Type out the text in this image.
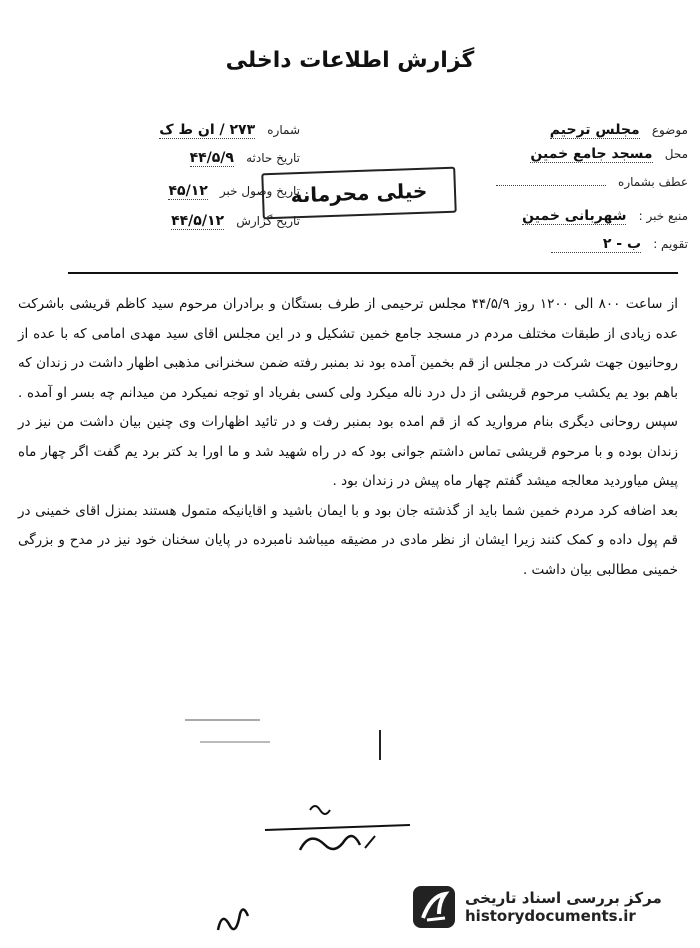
گزارش اطلاعات داخلی
موضوع مجلس ترحیم
محل مسجد جامع خمین
عطف بشماره
منبع خبر : شهربانی خمین
تقویم : ب - ۲
شماره ۲۷۳ / ان ط ک
تاریخ حادثه ۴۴/۵/۹
تاریخ وصول خبر ۴۵/۱۲
تاریخ گزارش ۴۴/۵/۱۲
خیلی محرمانه

از ساعت ۸۰۰ الی ۱۲۰۰ روز ۴۴/۵/۹ مجلس ترحیمی از طرف بستگان و برادران مرحوم سید کاظم قریشی باشرکت عده زیادی از طبقات مختلف مردم در مسجد جامع خمین تشکیل و در این مجلس اقای سید مهدی امامی که با عده از روحانیون جهت شرکت در مجلس از قم بخمین آمده بود ند بمنبر رفته ضمن سخنرانی مذهبی اظهار داشت در زندان که باهم بود یم یکشب مرحوم قریشی از دل درد ناله میکرد ولی کسی بفریاد او توجه نمیکرد من میدانم چه بسر او آمده . سپس روحانی دیگری بنام مروارید که از قم امده بود بمنبر رفت و در تائید اظهارات وی چنین بیان داشت من نیز در زندان بوده و با مرحوم قریشی تماس داشتم جوانی بود که در راه شهید شد و ما اورا بد کتر برد یم گفت اگر چهار ماه پیش میاوردید معالجه میشد گفتم چهار ماه پیش در زندان بود .

بعد اضافه کرد مردم خمین شما باید از گذشته جان بود و با ایمان باشید و اقایانیکه متمول هستند بمنزل اقای خمینی در قم پول داده و کمک کنند زیرا ایشان از نظر مادی در مضیقه میباشد نامبرده در پایان سخنان خود نیز در مدح و بزرگی خمینی مطالبی بیان داشت .

مرکز بررسی اسناد تاریخی
historydocuments.ir
